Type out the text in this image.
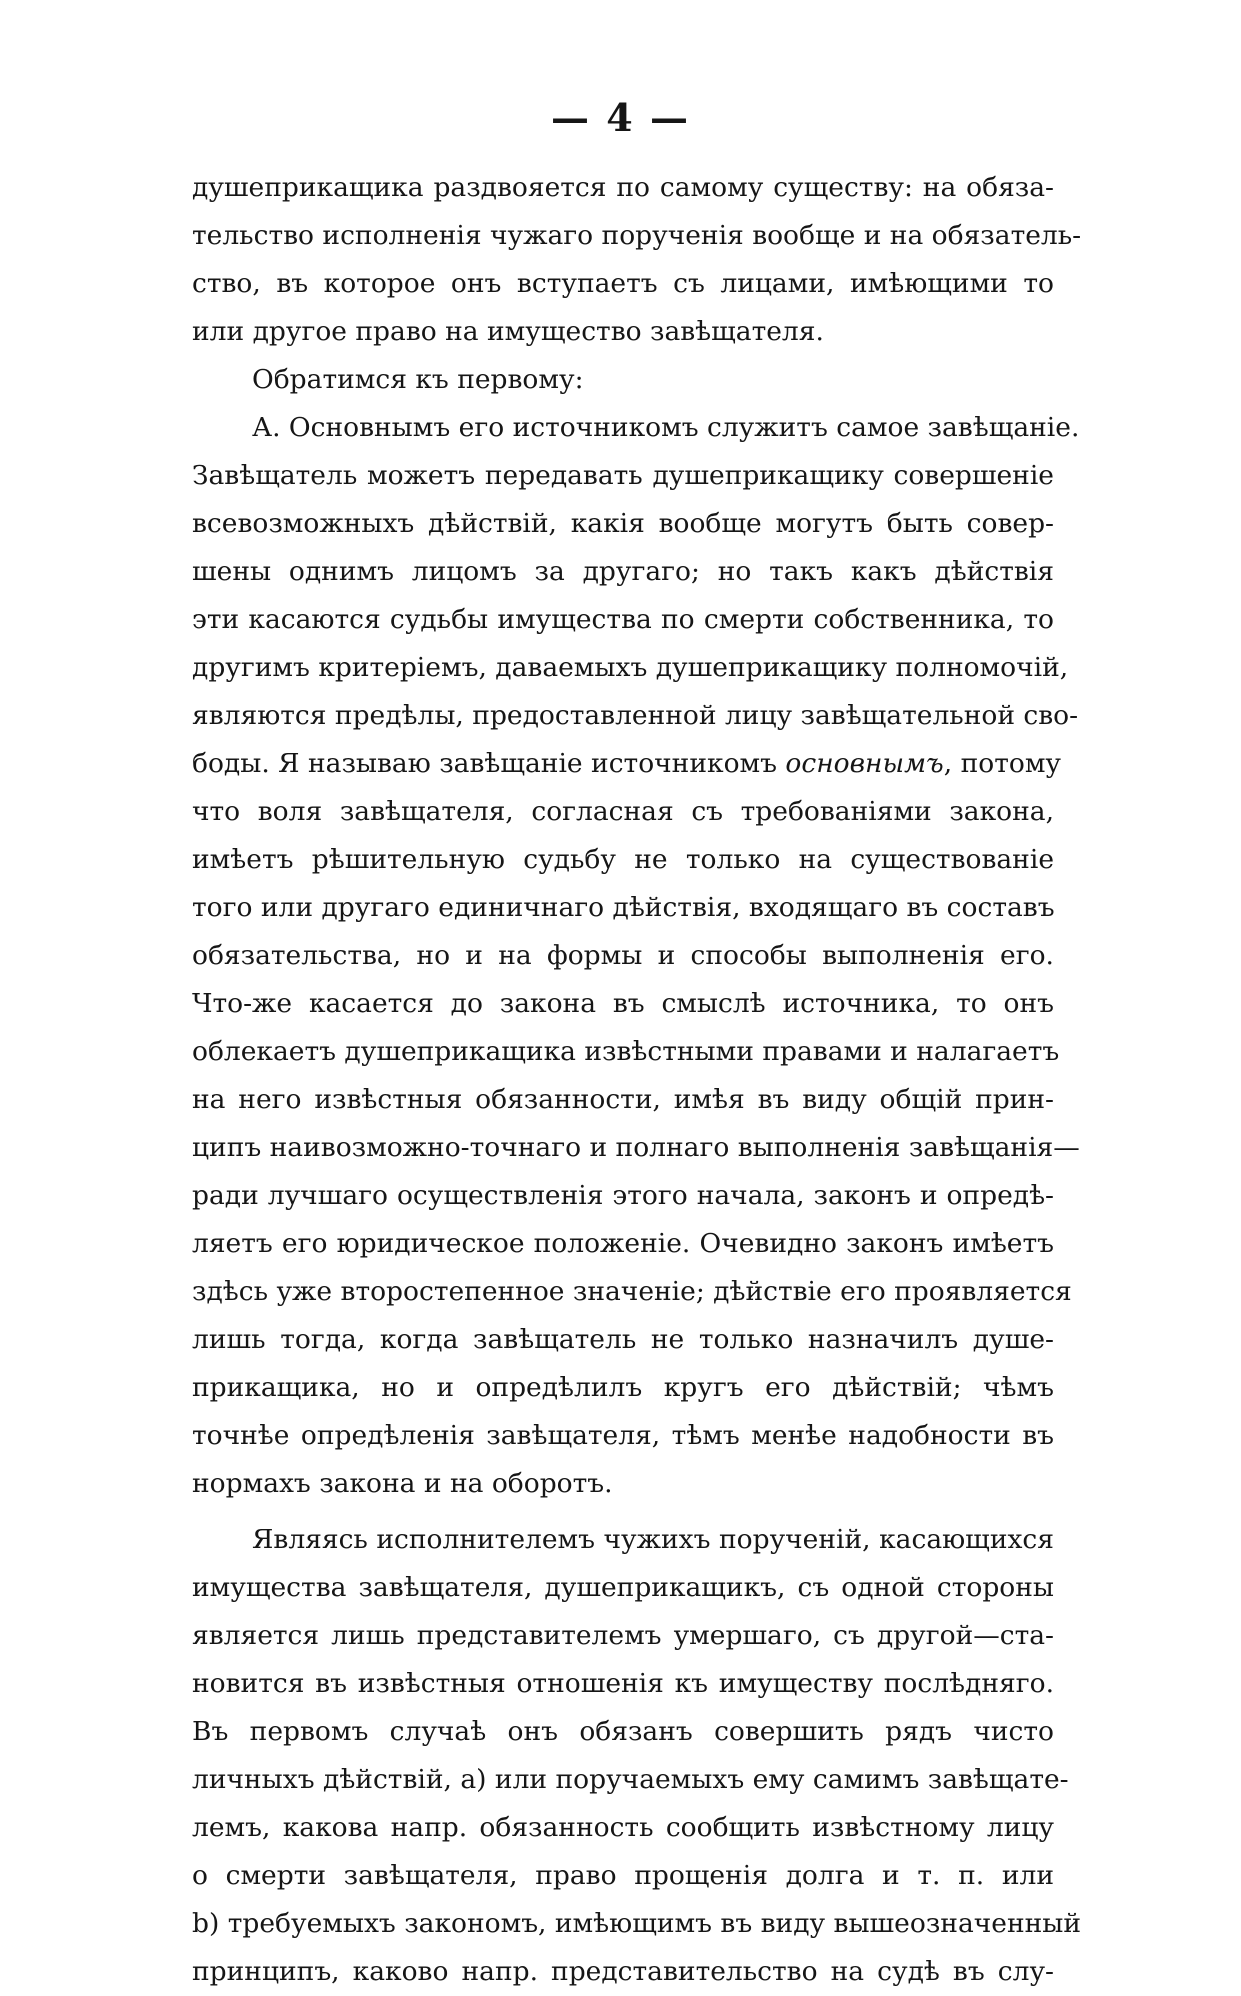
— 4 —
душеприкащика раздвояется по самому существу: на обяза-
тельство исполненія чужаго порученія вообще и на обязатель-
ство, въ которое онъ вступаетъ съ лицами, имѣющими то
или другое право на имущество завѣщателя.
Обратимся къ первому:
А. Основнымъ его источникомъ служитъ самое завѣщаніе.
Завѣщатель можетъ передавать душеприкащику совершеніе
всевозможныхъ дѣйствій, какія вообще могутъ быть совер-
шены однимъ лицомъ за другаго; но такъ какъ дѣйствія
эти касаются судьбы имущества по смерти собственника, то
другимъ критеріемъ, даваемыхъ душеприкащику полномочій,
являются предѣлы, предоставленной лицу завѣщательной сво-
боды. Я называю завѣщаніе источникомъ основнымъ, потому
что воля завѣщателя, согласная съ требованіями закона,
имѣетъ рѣшительную судьбу не только на существованіе
того или другаго единичнаго дѣйствія, входящаго въ составъ
обязательства, но и на формы и способы выполненія его.
Что-же касается до закона въ смыслѣ источника, то онъ
облекаетъ душеприкащика извѣстными правами и налагаетъ
на него извѣстныя обязанности, имѣя въ виду общій прин-
ципъ наивозможно-точнаго и полнаго выполненія завѣщанія—
ради лучшаго осуществленія этого начала, законъ и опредѣ-
ляетъ его юридическое положеніе. Очевидно законъ имѣетъ
здѣсь уже второстепенное значеніе; дѣйствіе его проявляется
лишь тогда, когда завѣщатель не только назначилъ душе-
прикащика, но и опредѣлилъ кругъ его дѣйствій; чѣмъ
точнѣе опредѣленія завѣщателя, тѣмъ менѣе надобности въ
нормахъ закона и на оборотъ.
Являясь исполнителемъ чужихъ порученій, касающихся
имущества завѣщателя, душеприкащикъ, съ одной стороны
является лишь представителемъ умершаго, съ другой—ста-
новится въ извѣстныя отношенія къ имуществу послѣдняго.
Въ первомъ случаѣ онъ обязанъ совершить рядъ чисто
личныхъ дѣйствій, а) или поручаемыхъ ему самимъ завѣщате-
лемъ, какова напр. обязанность сообщить извѣстному лицу
о смерти завѣщателя, право прощенія долга и т. п. или
b) требуемыхъ закономъ, имѣющимъ въ виду вышеозначенный
принципъ, каково напр. представительство на судѣ въ слу-
